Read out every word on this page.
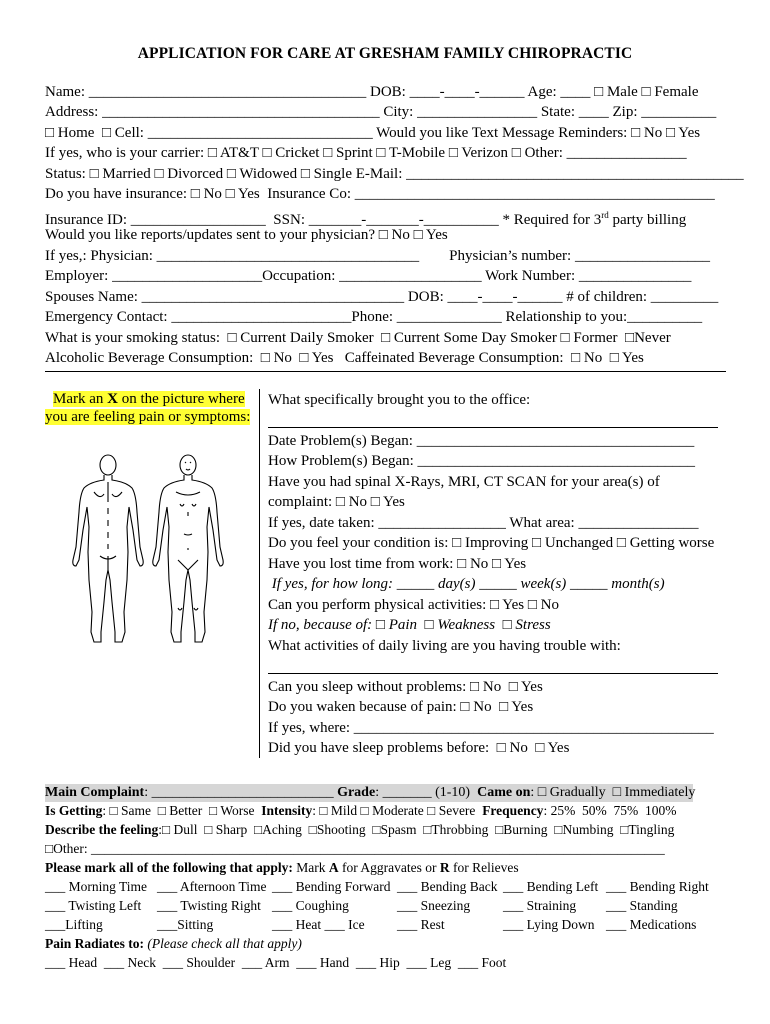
APPLICATION FOR CARE AT GRESHAM FAMILY CHIROPRACTIC
Name: _____________________________________ DOB: ____-____-______ Age: ____ □ Male □ Female
Address: _____________________________________ City: ________________ State: ____ Zip: __________
□ Home  □ Cell: ______________________________ Would you like Text Message Reminders: □ No □ Yes
If yes, who is your carrier: □ AT&T □ Cricket □ Sprint □ T-Mobile □ Verizon □ Other: ________________
Status: □ Married □ Divorced □ Widowed □ Single E-Mail: _____________________________________________
Do you have insurance: □ No □ Yes  Insurance Co: ________________________________________________
Insurance ID: __________________  SSN: _______-_______-__________ * Required for 3rd party billing
Would you like reports/updates sent to your physician? □ No □ Yes
If yes,: Physician: ___________________________________        Physician’s number: __________________
Employer: ____________________Occupation: ___________________ Work Number: _______________
Spouses Name: ___________________________________ DOB: ____-____-______ # of children: _________
Emergency Contact: ________________________Phone: ______________ Relationship to you:__________
What is your smoking status:  □ Current Daily Smoker  □ Current Some Day Smoker □ Former  □Never
Alcoholic Beverage Consumption:  □ No  □ Yes   Caffeinated Beverage Consumption:  □ No  □ Yes
Mark an X on the picture where
you are feeling pain or symptoms:
What specifically brought you to the office:
Date Problem(s) Began: _____________________________________
How Problem(s) Began: _____________________________________
Have you had spinal X-Rays, MRI, CT SCAN for your area(s) of
complaint: □ No □ Yes
If yes, date taken: _________________ What area: ________________
Do you feel your condition is: □ Improving □ Unchanged □ Getting worse
Have you lost time from work: □ No □ Yes
If yes, for how long: _____ day(s) _____ week(s) _____ month(s)
Can you perform physical activities: □ Yes □ No
If no, because of: □ Pain  □ Weakness  □ Stress
What activities of daily living are you having trouble with:
Can you sleep without problems: □ No  □ Yes
Do you waken because of pain: □ No  □ Yes
If yes, where: ________________________________________________
Did you have sleep problems before:  □ No  □ Yes
Main Complaint: __________________________ Grade: _______ (1-10)  Came on: □ Gradually  □ Immediately
Is Getting: □ Same  □ Better  □ Worse  Intensity: □ Mild □ Moderate □ Severe  Frequency: 25%  50%  75%  100%
Describe the feeling:□ Dull  □ Sharp  □Aching  □Shooting  □Spasm  □Throbbing  □Burning  □Numbing  □Tingling
□Other: _____________________________________________________________________________________
Please mark all of the following that apply: Mark A for Aggravates or R for Relieves
___ Morning Time ___ Afternoon Time ___ Bending Forward ___ Bending Back ___ Bending Left ___ Bending Right
___ Twisting Left ___ Twisting Right ___ Coughing	___ Sneezing ___ Straining ___ Standing
___Lifting	___Sitting	___ Heat ___ Ice ___ Rest	___ Lying Down ___ Medications
Pain Radiates to: (Please check all that apply)
___ Head  ___ Neck  ___ Shoulder  ___ Arm  ___ Hand  ___ Hip  ___ Leg  ___ Foot
